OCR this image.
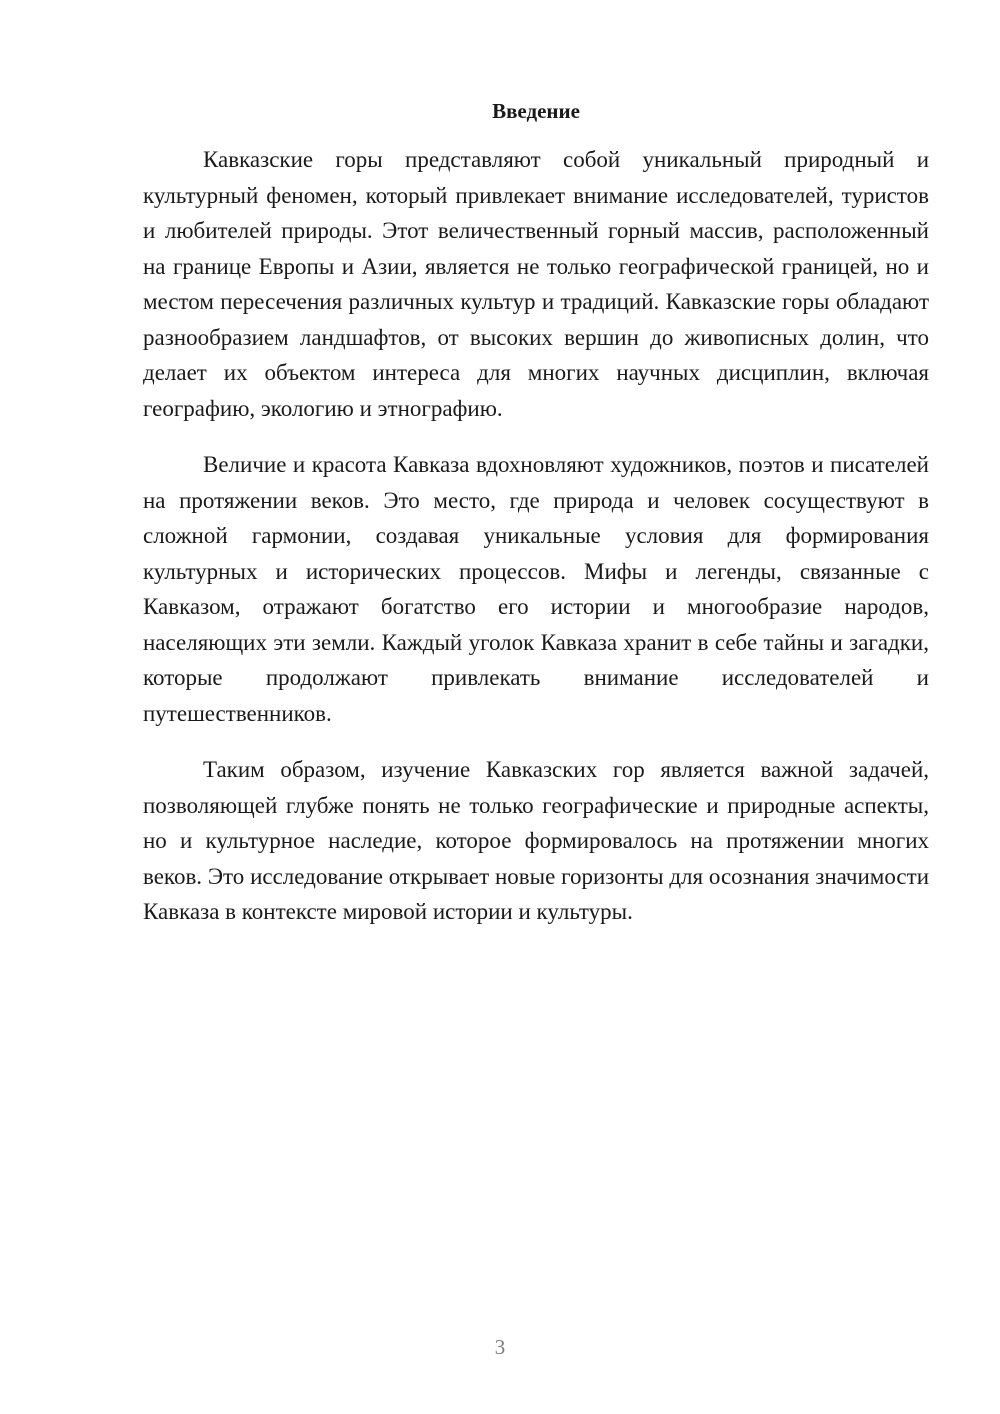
Введение

Кавказские горы представляют собой уникальный природный и культурный феномен, который привлекает внимание исследователей, туристов и любителей природы. Этот величественный горный массив, расположенный на границе Европы и Азии, является не только географической границей, но и местом пересечения различных культур и традиций. Кавказские горы обладают разнообразием ландшафтов, от высоких вершин до живописных долин, что делает их объектом интереса для многих научных дисциплин, включая географию, экологию и этнографию.

Величие и красота Кавказа вдохновляют художников, поэтов и писателей на протяжении веков. Это место, где природа и человек сосуществуют в сложной гармонии, создавая уникальные условия для формирования культурных и исторических процессов. Мифы и легенды, связанные с Кавказом, отражают богатство его истории и многообразие народов, населяющих эти земли. Каждый уголок Кавказа хранит в себе тайны и загадки, которые продолжают привлекать внимание исследователей и путешественников.

Таким образом, изучение Кавказских гор является важной задачей, позволяющей глубже понять не только географические и природные аспекты, но и культурное наследие, которое формировалось на протяжении многих веков. Это исследование открывает новые горизонты для осознания значимости Кавказа в контексте мировой истории и культуры.

3
